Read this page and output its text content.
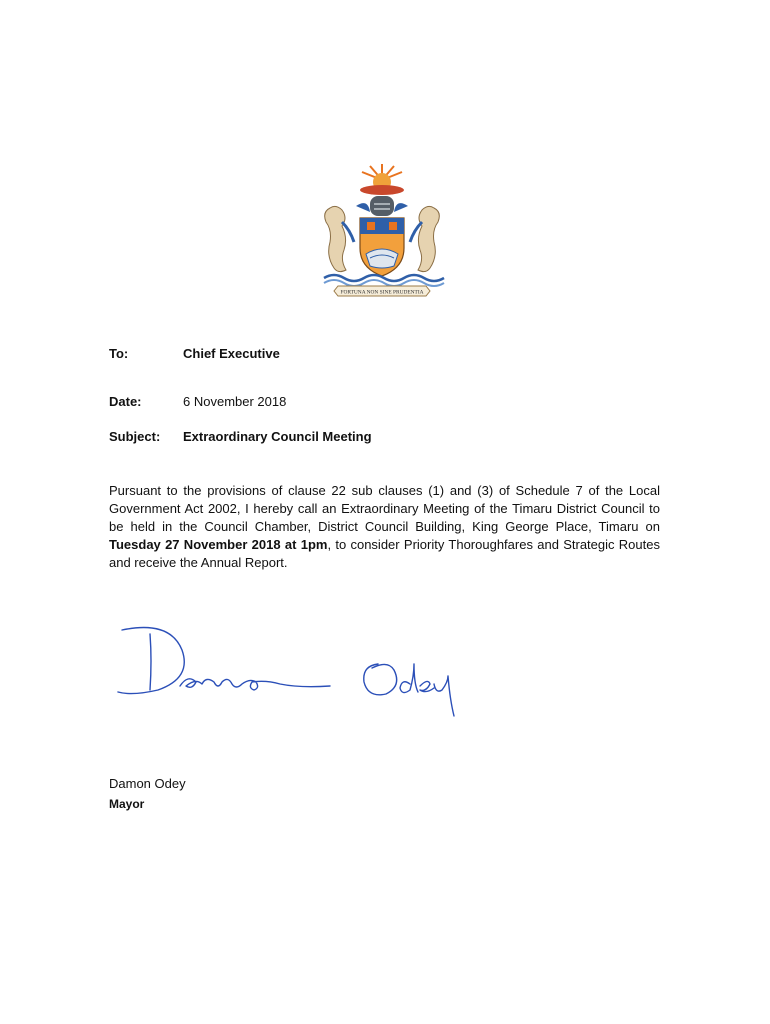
FORTUNA NON SINE PRUDENTIA
To:	Chief Executive
Date:	6 November 2018
Subject: Extraordinary Council Meeting

Pursuant to the provisions of clause 22 sub clauses (1) and (3) of Schedule 7 of the Local Government Act 2002, I hereby call an Extraordinary Meeting of the Timaru District Council to be held in the Council Chamber, District Council Building, King George Place, Timaru on Tuesday 27 November 2018 at 1pm, to consider Priority Thoroughfares and Strategic Routes and receive the Annual Report.

Damon Odey
Mayor
